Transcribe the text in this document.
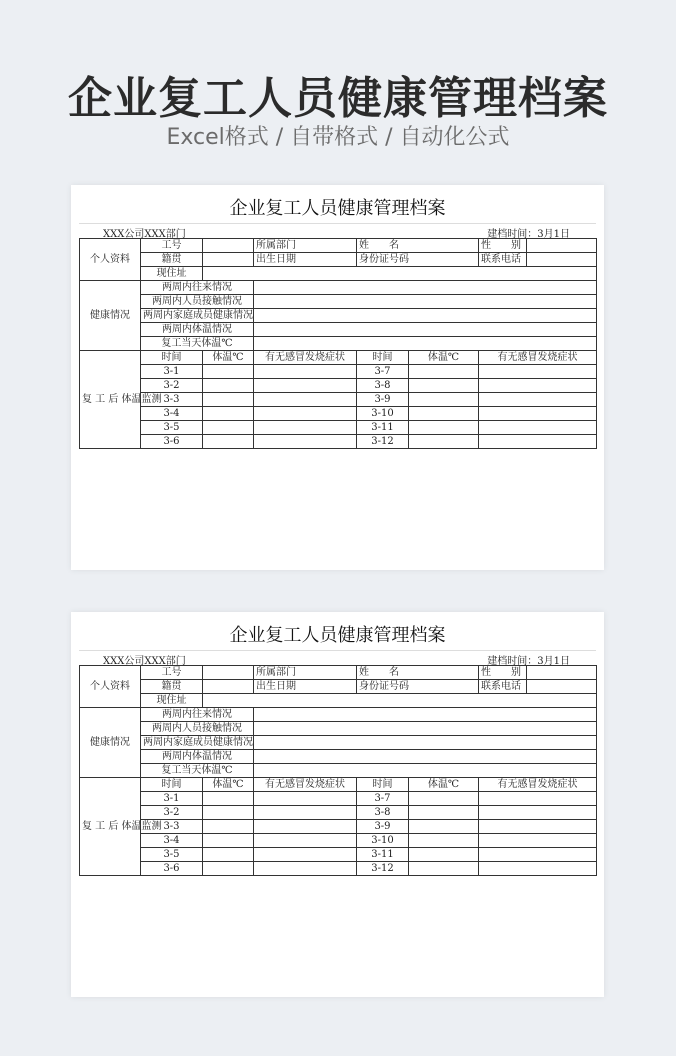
企业复工人员健康管理档案
Excel格式 / 自带格式 / 自动化公式
企业复工人员健康管理档案
XXX公司XXX部门	建档时间：3月1日
个人资料	工号		所属部门	姓　　名		性　　别	
	籍贯		出生日期	身份证号码		联系电话	
	现住址						
健康情况	两周内往来情况						
	两周内人员接触情况						
	两周内家庭成员健康情况						
	两周内体温情况						
	复工当天体温℃						
复 工 后 体温监测	时间	体温℃	有无感冒发烧症状	时间	体温℃	有无感冒发烧症状	
	3-1			3-7			
	3-2			3-8			
	3-3			3-9			
	3-4			3-10			
	3-5			3-11			
	3-6			3-12			
企业复工人员健康管理档案
XXX公司XXX部门	建档时间：3月1日
个人资料	工号		所属部门	姓　　名		性　　别	
	籍贯		出生日期	身份证号码		联系电话	
	现住址						
健康情况	两周内往来情况						
	两周内人员接触情况						
	两周内家庭成员健康情况						
	两周内体温情况						
	复工当天体温℃						
复 工 后 体温监测	时间	体温℃	有无感冒发烧症状	时间	体温℃	有无感冒发烧症状	
	3-1			3-7			
	3-2			3-8			
	3-3			3-9			
	3-4			3-10			
	3-5			3-11			
	3-6			3-12			
